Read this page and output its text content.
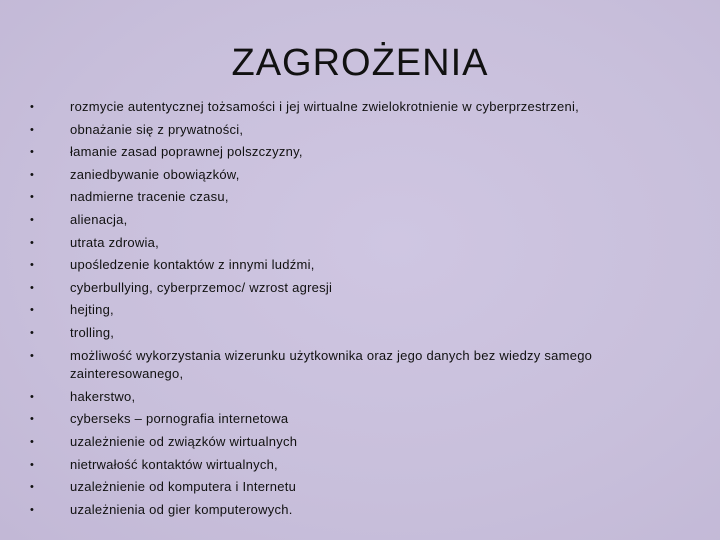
ZAGROŻENIA
•	rozmycie autentycznej tożsamości i jej wirtualne zwielokrotnienie w cyberprzestrzeni,
•	obnażanie się z prywatności,
•	łamanie zasad poprawnej polszczyzny,
•	zaniedbywanie obowiązków,
•	nadmierne tracenie czasu,
•	alienacja,
•	utrata zdrowia,
•	upośledzenie kontaktów z innymi ludźmi,
•	cyberbullying, cyberprzemoc/ wzrost agresji
•	hejting,
•	trolling,
•	możliwość wykorzystania wizerunku użytkownika oraz jego danych bez wiedzy samego zainteresowanego,
•	hakerstwo,
•	cyberseks – pornografia internetowa
•	uzależnienie od związków wirtualnych
•	nietrwałość kontaktów wirtualnych,
•	uzależnienie od komputera i Internetu
•	uzależnienia od gier komputerowych.
